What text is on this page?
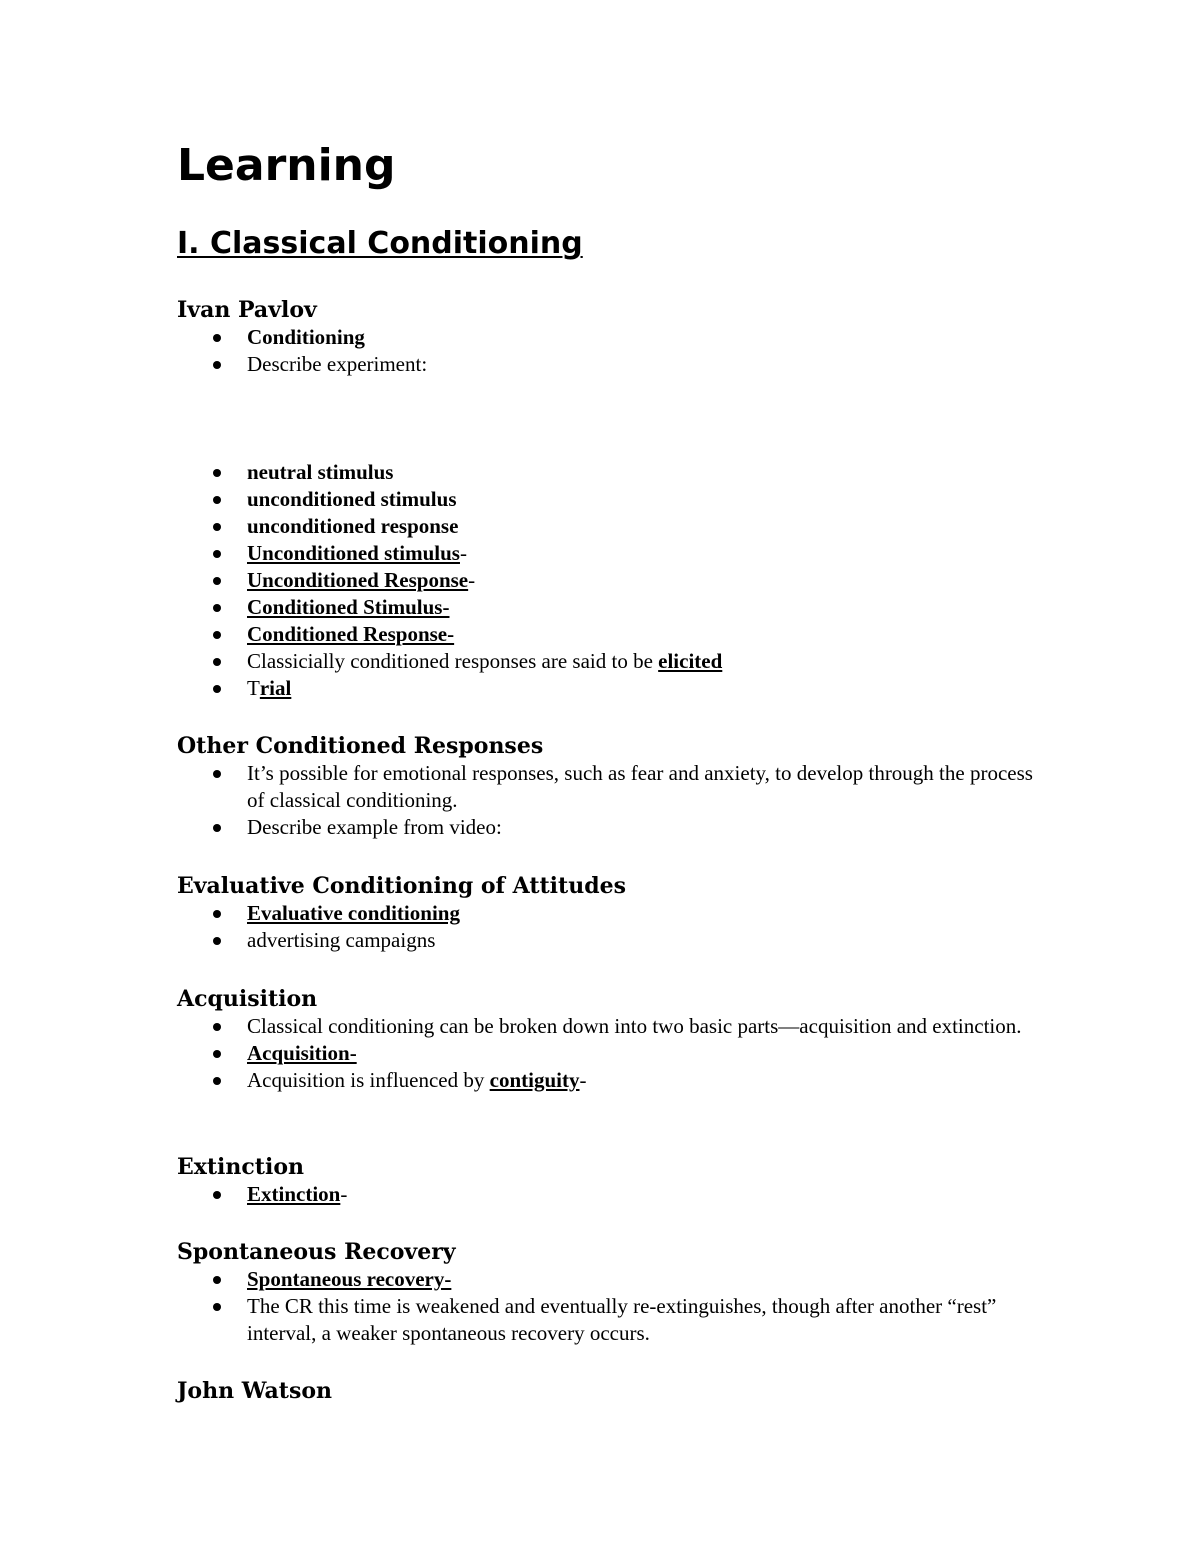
Learning
I. Classical Conditioning
Ivan Pavlov
Conditioning
Describe experiment:
neutral stimulus
unconditioned stimulus
unconditioned response
Unconditioned stimulus-
Unconditioned Response-
Conditioned Stimulus-
Conditioned Response-
Classicially conditioned responses are said to be elicited
Trial
Other Conditioned Responses
It’s possible for emotional responses, such as fear and anxiety, to develop through the process of classical conditioning.
Describe example from video:
Evaluative Conditioning of Attitudes
Evaluative conditioning
advertising campaigns
Acquisition
Classical conditioning can be broken down into two basic parts—acquisition and extinction.
Acquisition-
Acquisition is influenced by contiguity-
Extinction
Extinction-
Spontaneous Recovery
Spontaneous recovery-
The CR this time is weakened and eventually re-extinguishes, though after another “rest” interval, a weaker spontaneous recovery occurs.
John Watson
